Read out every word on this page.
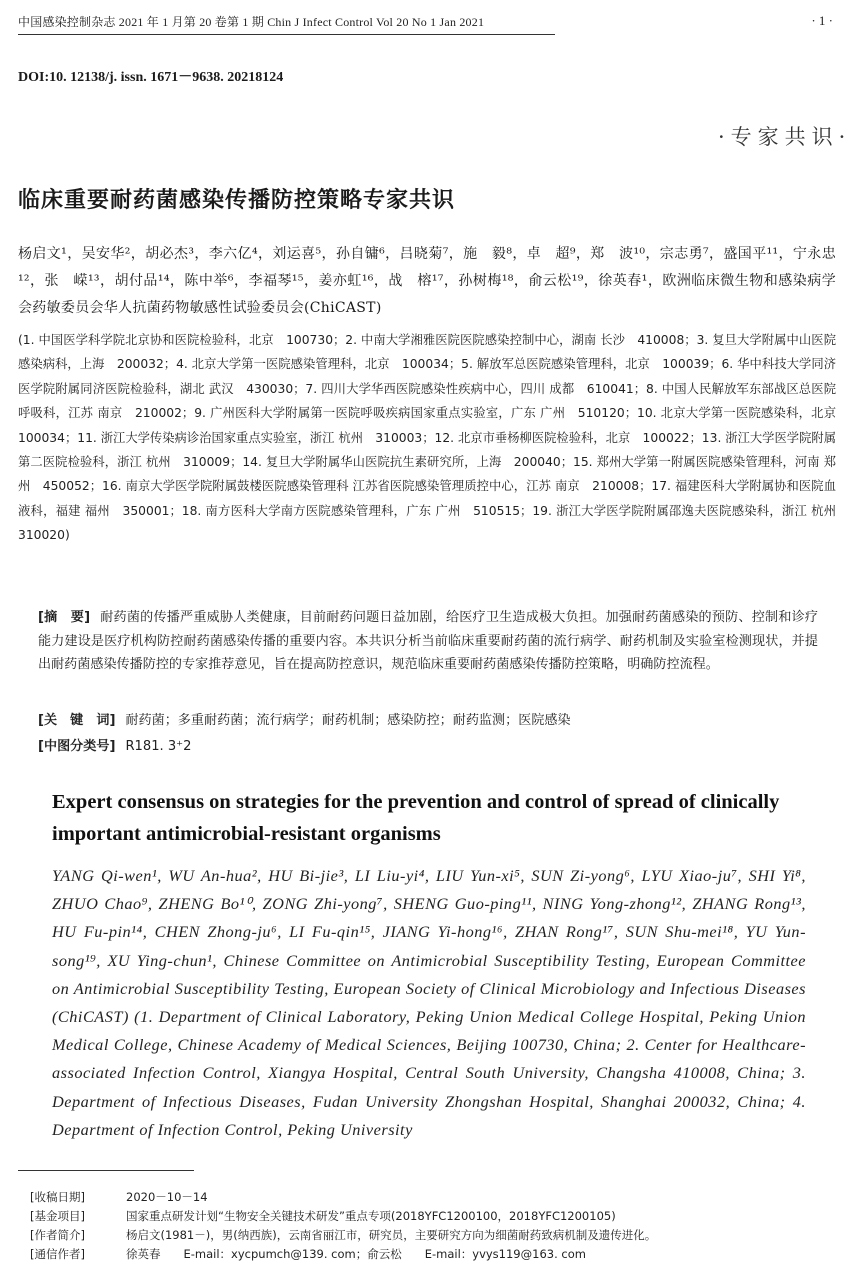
中国感染控制杂志 2021 年 1 月第 20 卷第 1 期 Chin J Infect Control Vol 20 No 1 Jan 2021	· 1 ·
DOI:10. 12138/j. issn. 1671－9638. 20218124
·专家共识·
临床重要耐药菌感染传播防控策略专家共识
杨启文¹，吴安华²，胡必杰³，李六亿⁴，刘运喜⁵，孙自镛⁶，吕晓菊⁷，施　毅⁸，卓　超⁹，郑　波¹⁰，宗志勇⁷，盛国平¹¹，宁永忠¹²，张　嵘¹³，胡付品¹⁴，陈中举⁶，李福琴¹⁵，姜亦虹¹⁶，战　榕¹⁷，孙树梅¹⁸，俞云松¹⁹，徐英春¹，欧洲临床微生物和感染病学会药敏委员会华人抗菌药物敏感性试验委员会(ChiCAST)
(1. 中国医学科学院北京协和医院检验科，北京　100730；2. 中南大学湘雅医院医院感染控制中心，湖南 长沙　410008；3. 复旦大学附属中山医院感染病科，上海　200032；4. 北京大学第一医院感染管理科，北京　100034；5. 解放军总医院感染管理科，北京　100039；6. 华中科技大学同济医学院附属同济医院检验科，湖北 武汉　430030；7. 四川大学华西医院感染性疾病中心，四川 成都　610041；8. 中国人民解放军东部战区总医院呼吸科，江苏 南京　210002；9. 广州医科大学附属第一医院呼吸疾病国家重点实验室，广东 广州　510120；10. 北京大学第一医院感染科，北京　100034；11. 浙江大学传染病诊治国家重点实验室，浙江 杭州　310003；12. 北京市垂杨柳医院检验科，北京　100022；13. 浙江大学医学院附属第二医院检验科，浙江 杭州　310009；14. 复旦大学附属华山医院抗生素研究所，上海　200040；15. 郑州大学第一附属医院感染管理科，河南 郑州　450052；16. 南京大学医学院附属鼓楼医院感染管理科 江苏省医院感染管理质控中心，江苏 南京　210008；17. 福建医科大学附属协和医院血液科，福建 福州　350001；18. 南方医科大学南方医院感染管理科，广东 广州　510515；19. 浙江大学医学院附属邵逸夫医院感染科，浙江 杭州　310020)
[摘　要] 耐药菌的传播严重威胁人类健康，目前耐药问题日益加剧，给医疗卫生造成极大负担。加强耐药菌感染的预防、控制和诊疗能力建设是医疗机构防控耐药菌感染传播的重要内容。本共识分析当前临床重要耐药菌的流行病学、耐药机制及实验室检测现状，并提出耐药菌感染传播防控的专家推荐意见，旨在提高防控意识，规范临床重要耐药菌感染传播防控策略，明确防控流程。
[关　键　词] 耐药菌；多重耐药菌；流行病学；耐药机制；感染防控；耐药监测；医院感染
[中图分类号] R181. 3⁺2
Expert consensus on strategies for the prevention and control of spread of clinically important antimicrobial-resistant organisms
YANG Qi-wen¹, WU An-hua², HU Bi-jie³, LI Liu-yi⁴, LIU Yun-xi⁵, SUN Zi-yong⁶, LYU Xiao-ju⁷, SHI Yi⁸, ZHUO Chao⁹, ZHENG Bo¹⁰, ZONG Zhi-yong⁷, SHENG Guo-ping¹¹, NING Yong-zhong¹², ZHANG Rong¹³, HU Fu-pin¹⁴, CHEN Zhong-ju⁶, LI Fu-qin¹⁵, JIANG Yi-hong¹⁶, ZHAN Rong¹⁷, SUN Shu-mei¹⁸, YU Yun-song¹⁹, XU Ying-chun¹, Chinese Committee on Antimicrobial Susceptibility Testing, European Committee on Antimicrobial Susceptibility Testing, European Society of Clinical Microbiology and Infectious Diseases (ChiCAST) (1. Department of Clinical Laboratory, Peking Union Medical College Hospital, Peking Union Medical College, Chinese Academy of Medical Sciences, Beijing 100730, China; 2. Center for Healthcare-associated Infection Control, Xiangya Hospital, Central South University, Changsha 410008, China; 3. Department of Infectious Diseases, Fudan University Zhongshan Hospital, Shanghai 200032, China; 4. Department of Infection Control, Peking University
[收稿日期]	2020－10－14
[基金项目]	国家重点研发计划“生物安全关键技术研发”重点专项(2018YFC1200100，2018YFC1200105)
[作者简介]	杨启文(1981－)，男(纳西族)，云南省丽江市，研究员，主要研究方向为细菌耐药致病机制及遗传进化。
[通信作者]	徐英春　　E-mail：xycpumch@139. com；俞云松　　E-mail：yvys119@163. com
